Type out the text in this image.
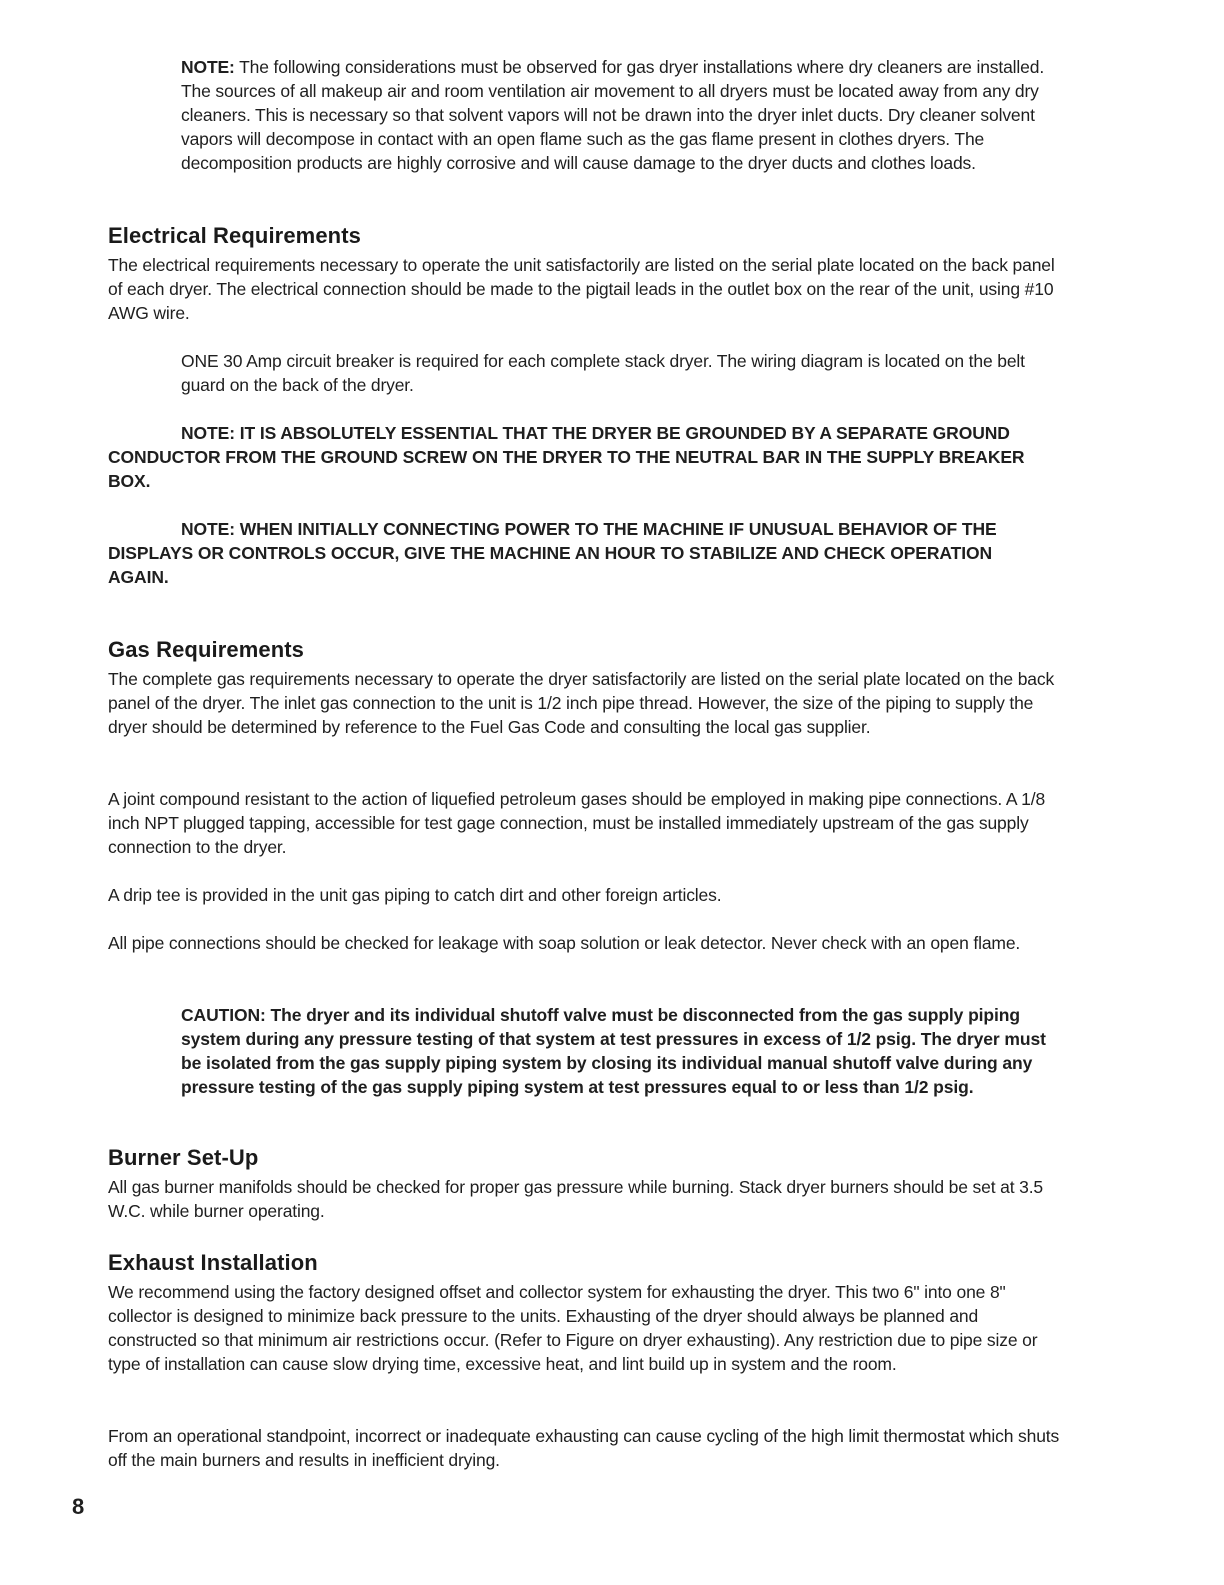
NOTE: The following considerations must be observed for gas dryer installations where dry cleaners are installed. The sources of all makeup air and room ventilation air movement to all dryers must be located away from any dry cleaners. This is necessary so that solvent vapors will not be drawn into the dryer inlet ducts. Dry cleaner solvent vapors will decompose in contact with an open flame such as the gas flame present in clothes dryers. The decomposition products are highly corrosive and will cause damage to the dryer ducts and clothes loads.

Electrical Requirements

The electrical requirements necessary to operate the unit satisfactorily are listed on the serial plate located on the back panel of each dryer. The electrical connection should be made to the pigtail leads in the outlet box on the rear of the unit, using #10 AWG wire.

ONE 30 Amp circuit breaker is required for each complete stack dryer. The wiring diagram is located on the belt guard on the back of the dryer.

NOTE: IT IS ABSOLUTELY ESSENTIAL THAT THE DRYER BE GROUNDED BY A SEPARATE GROUND CONDUCTOR FROM THE GROUND SCREW ON THE DRYER TO THE NEUTRAL BAR IN THE SUPPLY BREAKER BOX.

NOTE: WHEN INITIALLY CONNECTING POWER TO THE MACHINE IF UNUSUAL BEHAVIOR OF THE DISPLAYS OR CONTROLS OCCUR, GIVE THE MACHINE AN HOUR TO STABILIZE AND CHECK OPERATION AGAIN.

Gas Requirements

The complete gas requirements necessary to operate the dryer satisfactorily are listed on the serial plate located on the back panel of the dryer. The inlet gas connection to the unit is 1/2 inch pipe thread. However, the size of the piping to supply the dryer should be determined by reference to the Fuel Gas Code and consulting the local gas supplier.

A joint compound resistant to the action of liquefied petroleum gases should be employed in making pipe connections. A 1/8 inch NPT plugged tapping, accessible for test gage connection, must be installed immediately upstream of the gas supply connection to the dryer.

A drip tee is provided in the unit gas piping to catch dirt and other foreign articles.

All pipe connections should be checked for leakage with soap solution or leak detector. Never check with an open flame.

CAUTION: The dryer and its individual shutoff valve must be disconnected from the gas supply piping system during any pressure testing of that system at test pressures in excess of 1/2 psig. The dryer must be isolated from the gas supply piping system by closing its individual manual shutoff valve during any pressure testing of the gas supply piping system at test pressures equal to or less than 1/2 psig.

Burner Set-Up

All gas burner manifolds should be checked for proper gas pressure while burning. Stack dryer burners should be set at 3.5 W.C. while burner operating.

Exhaust Installation

We recommend using the factory designed offset and collector system for exhausting the dryer. This two 6" into one 8" collector is designed to minimize back pressure to the units. Exhausting of the dryer should always be planned and constructed so that minimum air restrictions occur. (Refer to Figure on dryer exhausting). Any restriction due to pipe size or type of installation can cause slow drying time, excessive heat, and lint build up in system and the room.

From an operational standpoint, incorrect or inadequate exhausting can cause cycling of the high limit thermostat which shuts off the main burners and results in inefficient drying.

8
